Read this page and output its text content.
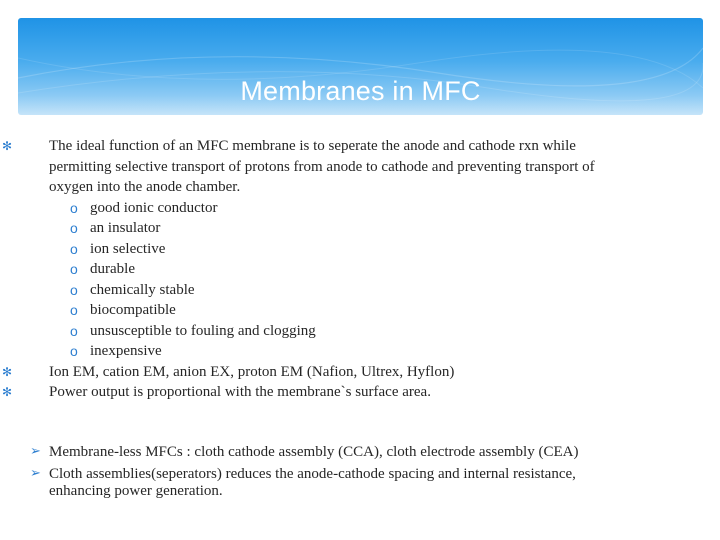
Membranes in MFC
✻ The ideal function of an MFC membrane is to seperate the anode and cathode rxn while
permitting selective transport of protons from anode to cathode and preventing transport of
oxygen into the anode chamber.
o good ionic conductor
o an insulator
o ion selective
o durable
o chemically stable
o biocompatible
o unsusceptible to fouling and clogging
o inexpensive
✻ Ion EM, cation EM, anion EX, proton EM (Nafion, Ultrex, Hyflon)
✻ Power output is proportional with the membrane`s surface area.
➢ Membrane-less MFCs : cloth cathode assembly (CCA), cloth electrode assembly (CEA)
➢ Cloth assemblies(seperators) reduces the anode-cathode spacing and internal resistance,
enhancing power generation.
